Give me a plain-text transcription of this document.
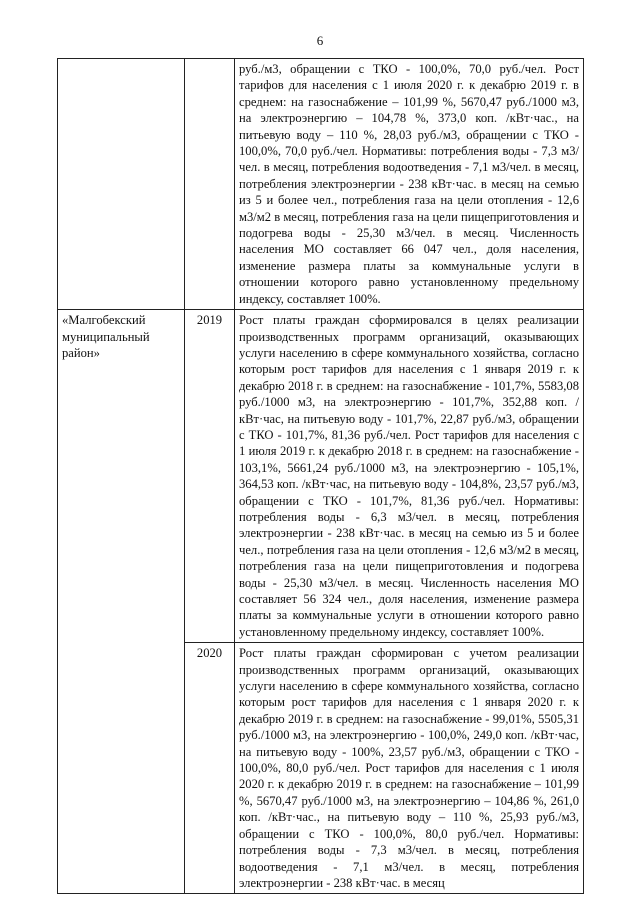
6
		руб./м3, обращении с ТКО - 100,0%, 70,0 руб./чел. Рост тарифов для населения с 1 июля 2020 г. к декабрю 2019 г. в среднем: на газоснабжение – 101,99 %, 5670,47 руб./1000 м3, на электроэнергию – 104,78 %, 373,0 коп. /кВт·час., на питьевую воду – 110 %, 28,03 руб./м3, обращении с ТКО - 100,0%, 70,0 руб./чел. Нормативы: потребления воды - 7,3 м3/чел. в месяц, потребления водоотведения - 7,1 м3/чел. в месяц, потребления электроэнергии - 238 кВт·час. в месяц на семью из 5 и более чел., потребления газа на цели отопления - 12,6 м3/м2 в месяц, потребления газа на цели пищеприготовления и подогрева воды - 25,30 м3/чел. в месяц. Численность населения МО составляет 66 047 чел., доля населения, изменение размера платы за коммунальные услуги в отношении которого равно установленному предельному индексу, составляет 100%.
«Малгобекский муниципальный район»	2019	Рост платы граждан сформировался в целях реализации производственных программ организаций, оказывающих услуги населению в сфере коммунального хозяйства, согласно которым рост тарифов для населения с 1 января 2019 г. к декабрю 2018 г. в среднем: на газоснабжение - 101,7%, 5583,08 руб./1000 м3, на электроэнергию - 101,7%, 352,88 коп. /кВт·час, на питьевую воду - 101,7%, 22,87 руб./м3, обращении с ТКО - 101,7%, 81,36 руб./чел. Рост тарифов для населения с 1 июля 2019 г. к декабрю 2018 г. в среднем: на газоснабжение - 103,1%, 5661,24 руб./1000 м3, на электроэнергию - 105,1%, 364,53 коп. /кВт·час, на питьевую воду - 104,8%, 23,57 руб./м3, обращении с ТКО - 101,7%, 81,36 руб./чел. Нормативы: потребления воды - 6,3 м3/чел. в месяц, потребления электроэнергии - 238 кВт·час. в месяц на семью из 5 и более чел., потребления газа на цели отопления - 12,6 м3/м2 в месяц, потребления газа на цели пищеприготовления и подогрева воды - 25,30 м3/чел. в месяц. Численность населения МО составляет 56 324 чел., доля населения, изменение размера платы за коммунальные услуги в отношении которого равно установленному предельному индексу, составляет 100%.
	2020	Рост платы граждан сформирован с учетом реализации производственных программ организаций, оказывающих услуги населению в сфере коммунального хозяйства, согласно которым рост тарифов для населения с 1 января 2020 г. к декабрю 2019 г. в среднем: на газоснабжение - 99,01%, 5505,31 руб./1000 м3, на электроэнергию - 100,0%, 249,0 коп. /кВт·час, на питьевую воду - 100%, 23,57 руб./м3, обращении с ТКО - 100,0%, 80,0 руб./чел. Рост тарифов для населения с 1 июля 2020 г. к декабрю 2019 г. в среднем: на газоснабжение – 101,99 %, 5670,47 руб./1000 м3, на электроэнергию – 104,86 %, 261,0 коп. /кВт·час., на питьевую воду – 110 %, 25,93 руб./м3, обращении с ТКО - 100,0%, 80,0 руб./чел. Нормативы: потребления воды - 7,3 м3/чел. в месяц, потребления водоотведения - 7,1 м3/чел. в месяц, потребления электроэнергии - 238 кВт·час. в месяц
